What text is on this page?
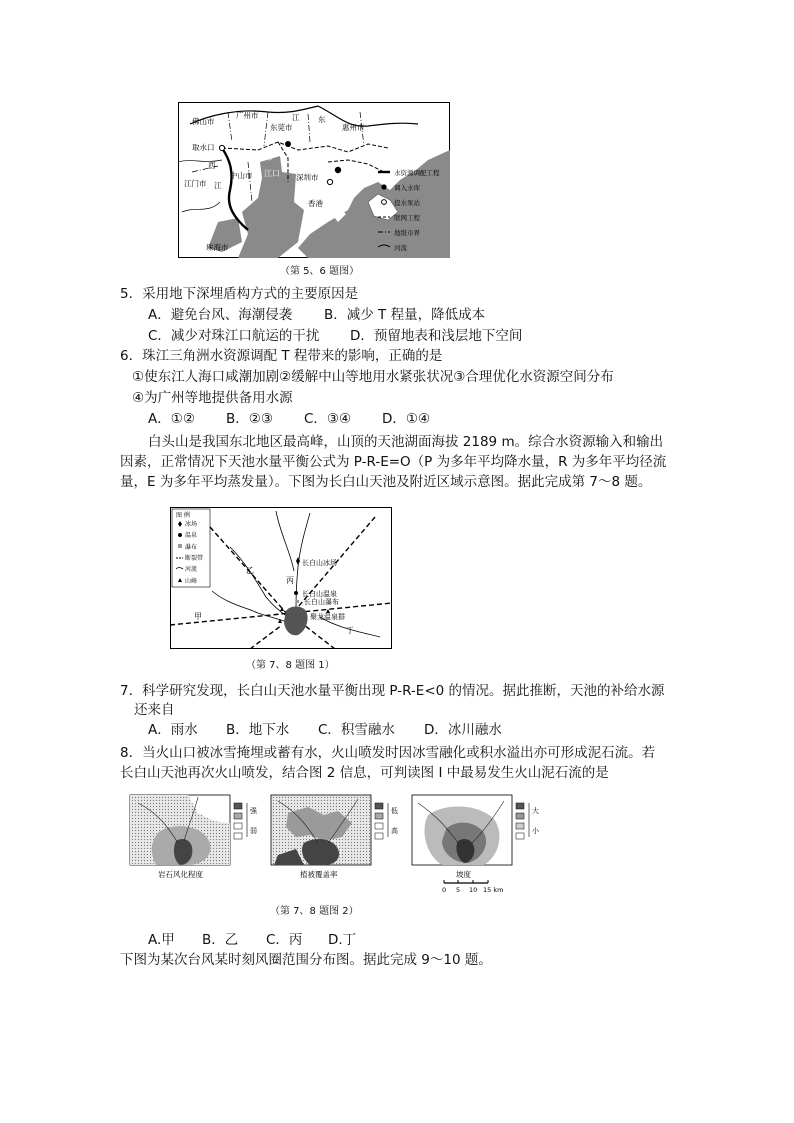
佛山市
广州市	江 东
东莞市	惠州市
取水口
珠
江口
西
江
江门市
中山市	深圳市
香港
珠海市
水资源调配工程
调入水库
提水泵站
联网工程
地级市界
河流
（第 5、6 题图）
5．采用地下深埋盾构方式的主要原因是
A．避免台风、海潮侵袭 B．减少 T 程量，降低成本
C．减少对珠江口航运的干扰 D．预留地表和浅层地下空间
6．珠江三角洲水资源调配 T 程带来的影响，正确的是
①使东江人海口咸潮加剧②缓解中山等地用水紧张状况③合理优化水资源空间分布
④为广州等地提供备用水源
A．①② B．②③ C．③④ D．①④
白头山是我国东北地区最高峰，山顶的天池湖面海拔 2189 m。综合水资源输入和输出
因素，正常情况下天池水量平衡公式为 P-R-E=O（P 为多年平均降水量，R 为多年平均径流
量，E 为多年平均蒸发量）。下图为长白山天池及附近区域示意图。据此完成第 7～8 题。
图 例
冰场
温泉
瀑布
断裂带
河流
山峰
长白山冰场
长白山温泉
长白山瀑布
聚龙温泉群
乙
丙
甲
丁
（第 7、8 题图 1）
7．科学研究发现，长白山天池水量平衡出现 P-R-E<0 的情况。据此推断，天池的补给水源
还来自
A．雨水 B．地下水 C．积雪融水 D．冰川融水
8．当火山口被冰雪掩埋或蓄有水，火山喷发时因冰雪融化或积水溢出亦可形成泥石流。若
长白山天池再次火山喷发，结合图 2 信息，可判读图 I 中最易发生火山泥石流的是
强
弱
岩石风化程度
低
高
植被覆盖率
大
小
坡度
0 5 10 15 km
（第 7、8 题图 2）
A.甲 B．乙 C．丙 D.丁
下图为某次台风某时刻风圈范围分布图。据此完成 9～10 题。
